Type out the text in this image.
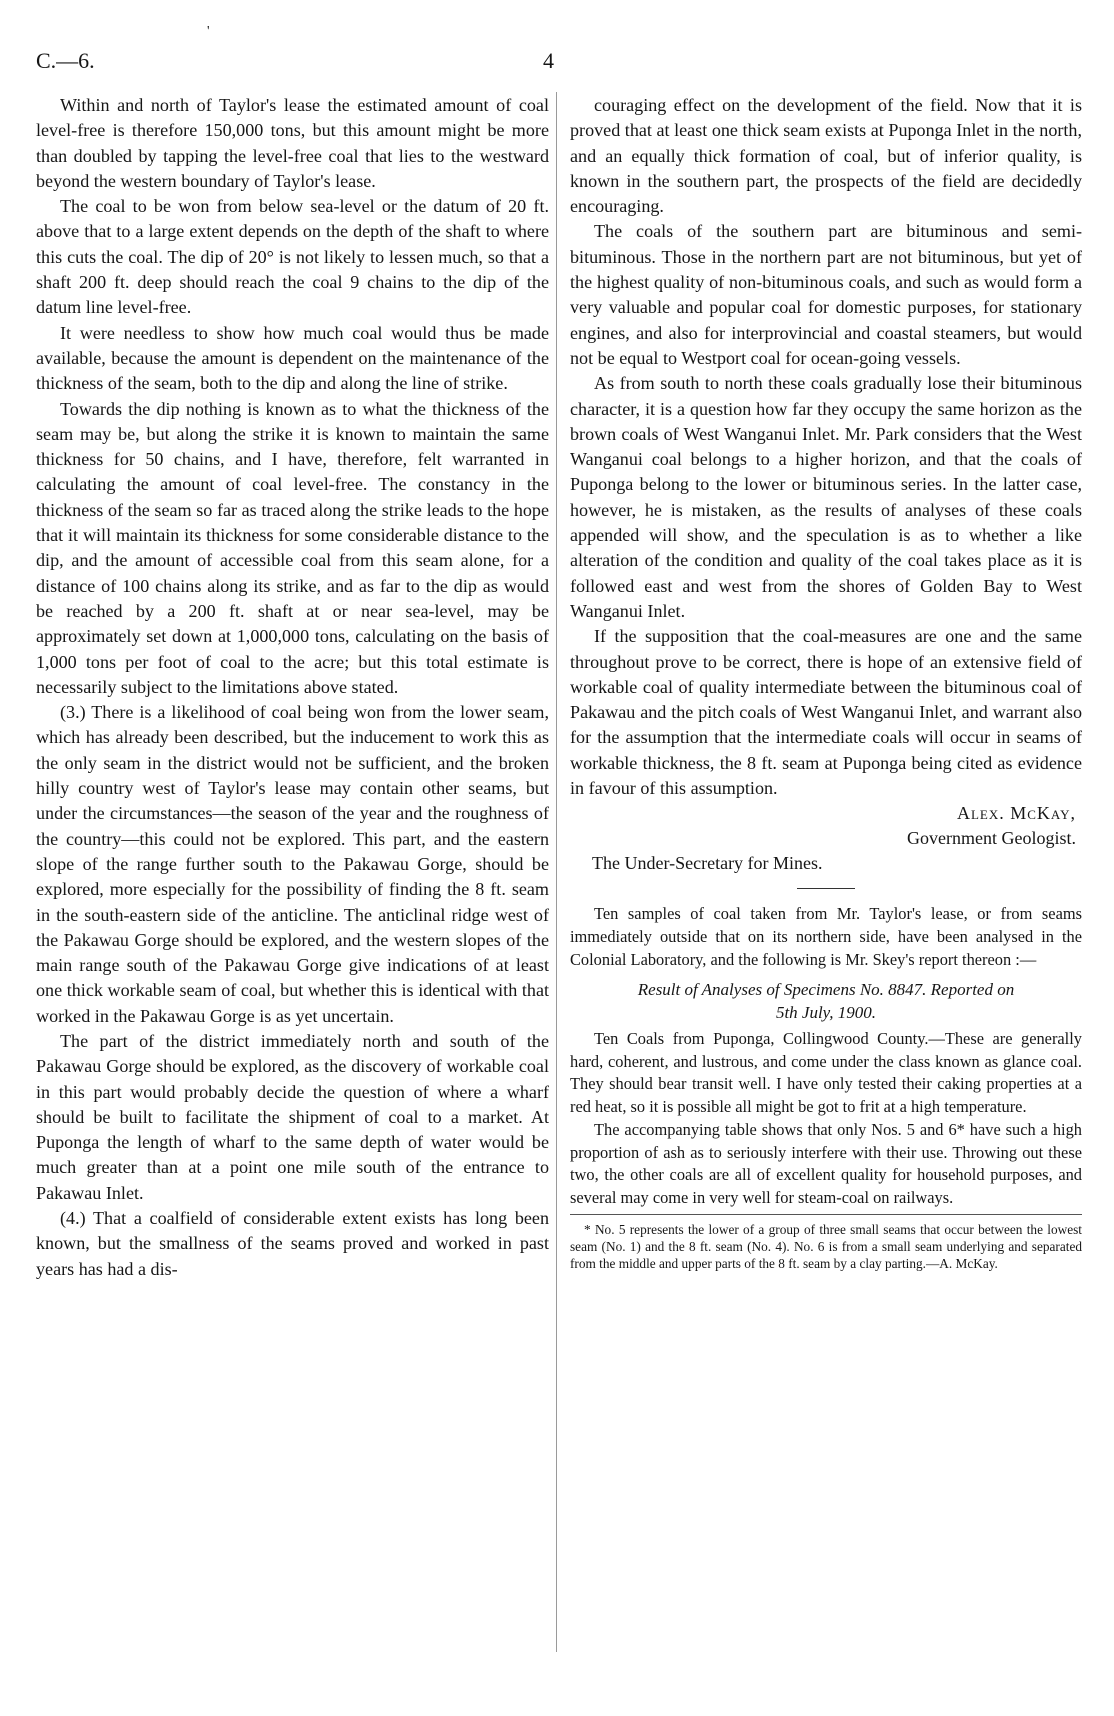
'
C.—6.	4

Within and north of Taylor's lease the estimated amount of coal level-free is therefore 150,000 tons, but this amount might be more than doubled by tapping the level-free coal that lies to the westward beyond the western boundary of Taylor's lease.

The coal to be won from below sea-level or the datum of 20 ft. above that to a large extent depends on the depth of the shaft to where this cuts the coal. The dip of 20° is not likely to lessen much, so that a shaft 200 ft. deep should reach the coal 9 chains to the dip of the datum line level-free.

It were needless to show how much coal would thus be made available, because the amount is dependent on the maintenance of the thickness of the seam, both to the dip and along the line of strike.

Towards the dip nothing is known as to what the thickness of the seam may be, but along the strike it is known to maintain the same thickness for 50 chains, and I have, therefore, felt warranted in calculating the amount of coal level-free. The constancy in the thickness of the seam so far as traced along the strike leads to the hope that it will maintain its thickness for some considerable distance to the dip, and the amount of accessible coal from this seam alone, for a distance of 100 chains along its strike, and as far to the dip as would be reached by a 200 ft. shaft at or near sea-level, may be approximately set down at 1,000,000 tons, calculating on the basis of 1,000 tons per foot of coal to the acre; but this total estimate is necessarily subject to the limitations above stated.

(3.) There is a likelihood of coal being won from the lower seam, which has already been described, but the inducement to work this as the only seam in the district would not be sufficient, and the broken hilly country west of Taylor's lease may contain other seams, but under the circumstances—the season of the year and the roughness of the country—this could not be explored. This part, and the eastern slope of the range further south to the Pakawau Gorge, should be explored, more especially for the possibility of finding the 8 ft. seam in the south-eastern side of the anticline. The anticlinal ridge west of the Pakawau Gorge should be explored, and the western slopes of the main range south of the Pakawau Gorge give indications of at least one thick workable seam of coal, but whether this is identical with that worked in the Pakawau Gorge is as yet uncertain.

The part of the district immediately north and south of the Pakawau Gorge should be explored, as the discovery of workable coal in this part would probably decide the question of where a wharf should be built to facilitate the shipment of coal to a market. At Puponga the length of wharf to the same depth of water would be much greater than at a point one mile south of the entrance to Pakawau Inlet.

(4.) That a coalfield of considerable extent exists has long been known, but the smallness of the seams proved and worked in past years has had a dis-

couraging effect on the development of the field. Now that it is proved that at least one thick seam exists at Puponga Inlet in the north, and an equally thick formation of coal, but of inferior quality, is known in the southern part, the prospects of the field are decidedly encouraging.

The coals of the southern part are bituminous and semi-bituminous. Those in the northern part are not bituminous, but yet of the highest quality of non-bituminous coals, and such as would form a very valuable and popular coal for domestic purposes, for stationary engines, and also for interprovincial and coastal steamers, but would not be equal to Westport coal for ocean-going vessels.

As from south to north these coals gradually lose their bituminous character, it is a question how far they occupy the same horizon as the brown coals of West Wanganui Inlet. Mr. Park considers that the West Wanganui coal belongs to a higher horizon, and that the coals of Puponga belong to the lower or bituminous series. In the latter case, however, he is mistaken, as the results of analyses of these coals appended will show, and the speculation is as to whether a like alteration of the condition and quality of the coal takes place as it is followed east and west from the shores of Golden Bay to West Wanganui Inlet.

If the supposition that the coal-measures are one and the same throughout prove to be correct, there is hope of an extensive field of workable coal of quality intermediate between the bituminous coal of Pakawau and the pitch coals of West Wanganui Inlet, and warrant also for the assumption that the intermediate coals will occur in seams of workable thickness, the 8 ft. seam at Puponga being cited as evidence in favour of this assumption.

Alex. McKay,
Government Geologist.
The Under-Secretary for Mines.

Ten samples of coal taken from Mr. Taylor's lease, or from seams immediately outside that on its northern side, have been analysed in the Colonial Laboratory, and the following is Mr. Skey's report thereon :—

Result of Analyses of Specimens No. 8847. Reported on
5th July, 1900.

Ten Coals from Puponga, Collingwood County.—These are generally hard, coherent, and lustrous, and come under the class known as glance coal. They should bear transit well. I have only tested their caking properties at a red heat, so it is possible all might be got to frit at a high temperature.

The accompanying table shows that only Nos. 5 and 6* have such a high proportion of ash as to seriously interfere with their use. Throwing out these two, the other coals are all of excellent quality for household purposes, and several may come in very well for steam-coal on railways.

* No. 5 represents the lower of a group of three small seams that occur between the lowest seam (No. 1) and the 8 ft. seam (No. 4). No. 6 is from a small seam underlying and separated from the middle and upper parts of the 8 ft. seam by a clay parting.—A. McKay.
